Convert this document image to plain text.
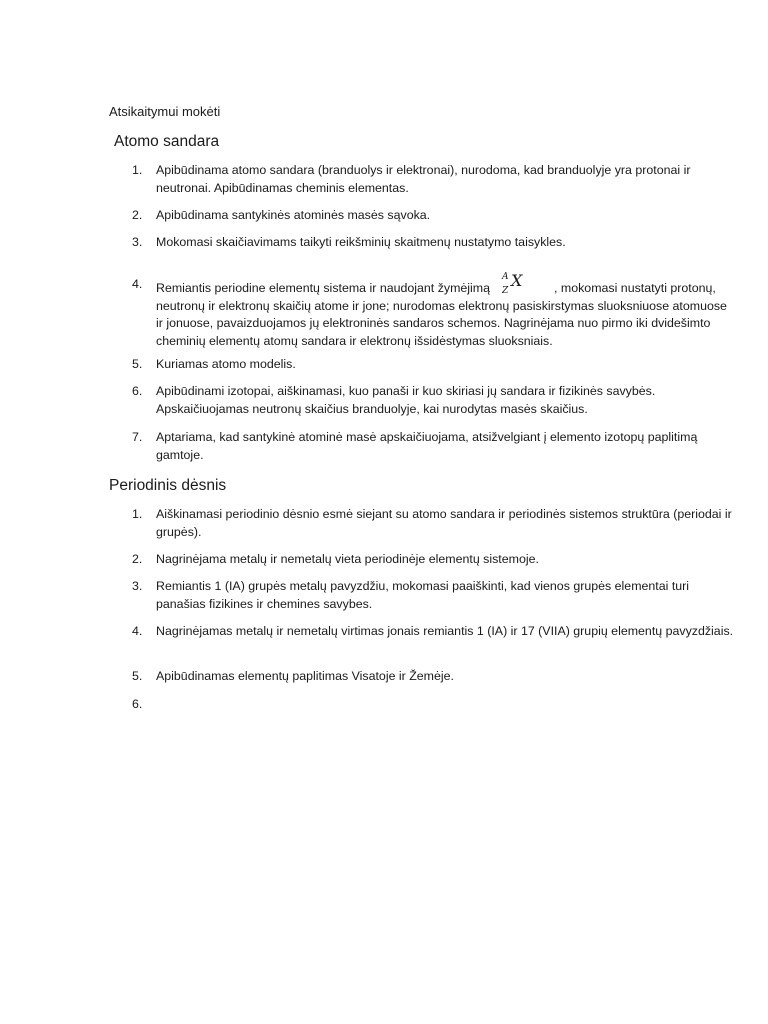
Atsikaitymui mokėti
Atomo sandara
1.	Apibūdinama atomo sandara (branduolys ir elektronai), nurodoma, kad branduolyje yra protonai ir neutronai. Apibūdinamas cheminis elementas.
2.	Apibūdinama santykinės atominės masės sąvoka.
3.	Mokomasi skaičiavimams taikyti reikšminių skaitmenų nustatymo taisykles.
4.	Remiantis periodine elementų sistema ir naudojant žymėjimą
A
Z
X	, mokomasi nustatyti protonų, neutronų ir elektronų skaičių atome ir jone; nurodomas elektronų pasiskirstymas sluoksniuose atomuose ir jonuose, pavaizduojamos jų elektroninės sandaros schemos. Nagrinėjama nuo pirmo iki dvidešimto cheminių elementų atomų sandara ir elektronų išsidėstymas sluoksniais.
5.	Kuriamas atomo modelis.
6.	Apibūdinami izotopai, aiškinamasi, kuo panaši ir kuo skiriasi jų sandara ir fizikinės savybės. Apskaičiuojamas neutronų skaičius branduolyje, kai nurodytas masės skaičius.
7.	Aptariama, kad santykinė atominė masė apskaičiuojama, atsižvelgiant į elemento izotopų paplitimą gamtoje.
Periodinis dėsnis
1.	Aiškinamasi periodinio dėsnio esmė siejant su atomo sandara ir periodinės sistemos struktūra (periodai ir grupės).
2.	Nagrinėjama metalų ir nemetalų vieta periodinėje elementų sistemoje.
3.	Remiantis 1 (IA) grupės metalų pavyzdžiu, mokomasi paaiškinti, kad vienos grupės elementai turi panašias fizikines ir chemines savybes.
4.	Nagrinėjamas metalų ir nemetalų virtimas jonais remiantis 1 (IA) ir 17 (VIIA) grupių elementų pavyzdžiais.
5.	Apibūdinamas elementų paplitimas Visatoje ir Žemėje.
6.
